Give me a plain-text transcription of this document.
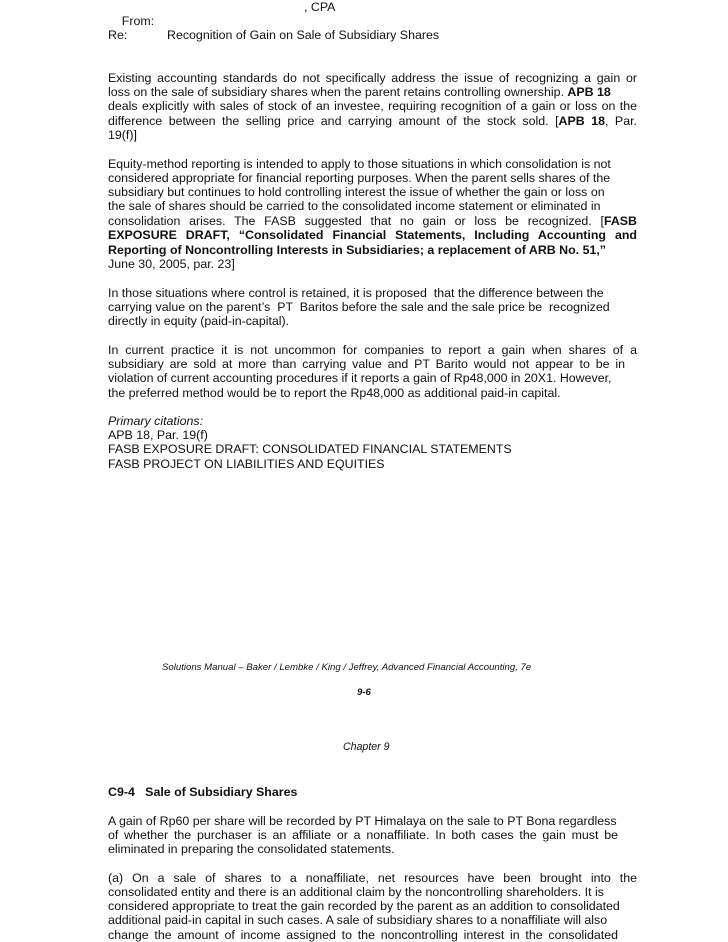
From:

, CPA
Re:	Recognition of Gain on Sale of Subsidiary Shares
Existing accounting standards do not specifically address the issue of recognizing a gain or
loss on the sale of subsidiary shares when the parent retains controlling ownership. APB 18
deals explicitly with sales of stock of an investee, requiring recognition of a gain or loss on the
difference between the selling price and carrying amount of the stock sold. [APB 18, Par.
19(f)]
Equity-method reporting is intended to apply to those situations in which consolidation is not
considered appropriate for financial reporting purposes. When the parent sells shares of the
subsidiary but continues to hold controlling interest the issue of whether the gain or loss on
the sale of shares should be carried to the consolidated income statement or eliminated in
consolidation arises. The FASB suggested that no gain or loss be recognized. [FASB
EXPOSURE DRAFT, “Consolidated Financial Statements, Including Accounting and
Reporting of Noncontrolling Interests in Subsidiaries; a replacement of ARB No. 51,”
June 30, 2005, par. 23]
In those situations where control is retained, it is proposed  that the difference between the
carrying value on the parent’s  PT  Baritos before the sale and the sale price be  recognized
directly in equity (paid-in-capital).
In current practice it is not uncommon for companies to report a gain when shares of a
subsidiary are sold at more than carrying value and PT Barito would not appear to be in
violation of current accounting procedures if it reports a gain of Rp48,000 in 20X1. However,
the preferred method would be to report the Rp48,000 as additional paid-in capital.
Primary citations:
APB 18, Par. 19(f)
FASB EXPOSURE DRAFT: CONSOLIDATED FINANCIAL STATEMENTS
FASB PROJECT ON LIABILITIES AND EQUITIES
Solutions Manual – Baker / Lembke / King / Jeffrey, Advanced Financial Accounting, 7e
9-6
Chapter 9
C9-4   Sale of Subsidiary Shares
A gain of Rp60 per share will be recorded by PT Himalaya on the sale to PT Bona regardless
of whether the purchaser is an affiliate or a nonaffiliate. In both cases the gain must be
eliminated in preparing the consolidated statements.
(a) On a sale of shares to a nonaffiliate, net resources have been brought into the
consolidated entity and there is an additional claim by the noncontrolling shareholders. It is
considered appropriate to treat the gain recorded by the parent as an addition to consolidated
additional paid-in capital in such cases. A sale of subsidiary shares to a nonaffiliate will also
change the amount of income assigned to the noncontrolling interest in the consolidated
